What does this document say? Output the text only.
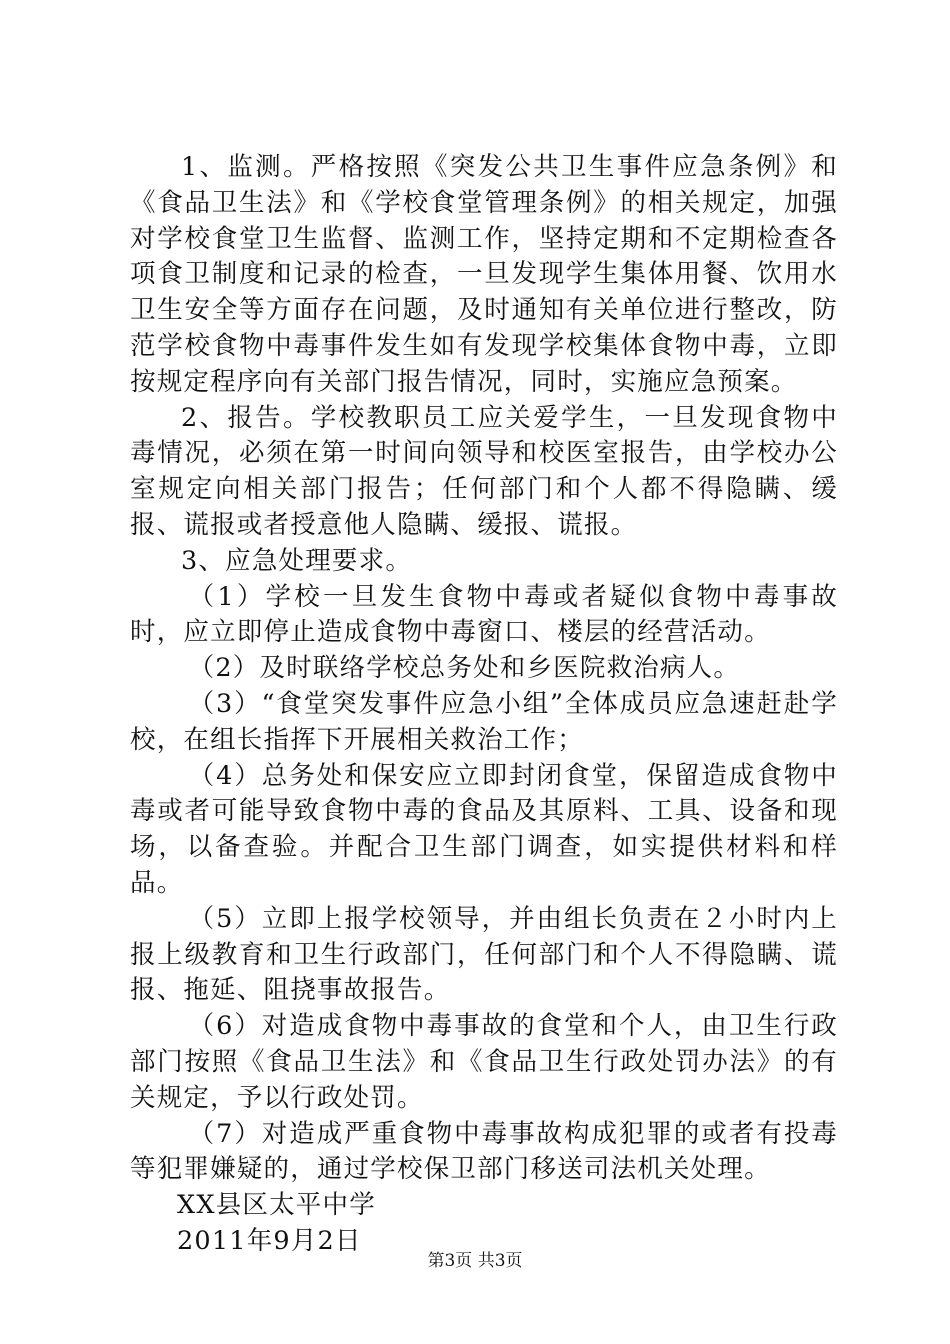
1、监测。严格按照《突发公共卫生事件应急条例》和《食品卫生法》和《学校食堂管理条例》的相关规定，加强对学校食堂卫生监督、监测工作，坚持定期和不定期检查各项食卫制度和记录的检查，一旦发现学生集体用餐、饮用水卫生安全等方面存在问题，及时通知有关单位进行整改，防范学校食物中毒事件发生如有发现学校集体食物中毒，立即按规定程序向有关部门报告情况，同时，实施应急预案。

2、报告。学校教职员工应关爱学生，一旦发现食物中毒情况，必须在第一时间向领导和校医室报告，由学校办公室规定向相关部门报告；任何部门和个人都不得隐瞒、缓报、谎报或者授意他人隐瞒、缓报、谎报。

3、应急处理要求。

（1）学校一旦发生食物中毒或者疑似食物中毒事故时，应立即停止造成食物中毒窗口、楼层的经营活动。

（2）及时联络学校总务处和乡医院救治病人。

（3）“食堂突发事件应急小组”全体成员应急速赶赴学校，在组长指挥下开展相关救治工作；

（4）总务处和保安应立即封闭食堂，保留造成食物中毒或者可能导致食物中毒的食品及其原料、工具、设备和现场，以备查验。并配合卫生部门调查，如实提供材料和样品。

（5）立即上报学校领导，并由组长负责在２小时内上报上级教育和卫生行政部门，任何部门和个人不得隐瞒、谎报、拖延、阻挠事故报告。

（6）对造成食物中毒事故的食堂和个人，由卫生行政部门按照《食品卫生法》和《食品卫生行政处罚办法》的有关规定，予以行政处罚。

（7）对造成严重食物中毒事故构成犯罪的或者有投毒等犯罪嫌疑的，通过学校保卫部门移送司法机关处理。

XX县区太平中学

2011年9月2日

第3页 共3页
